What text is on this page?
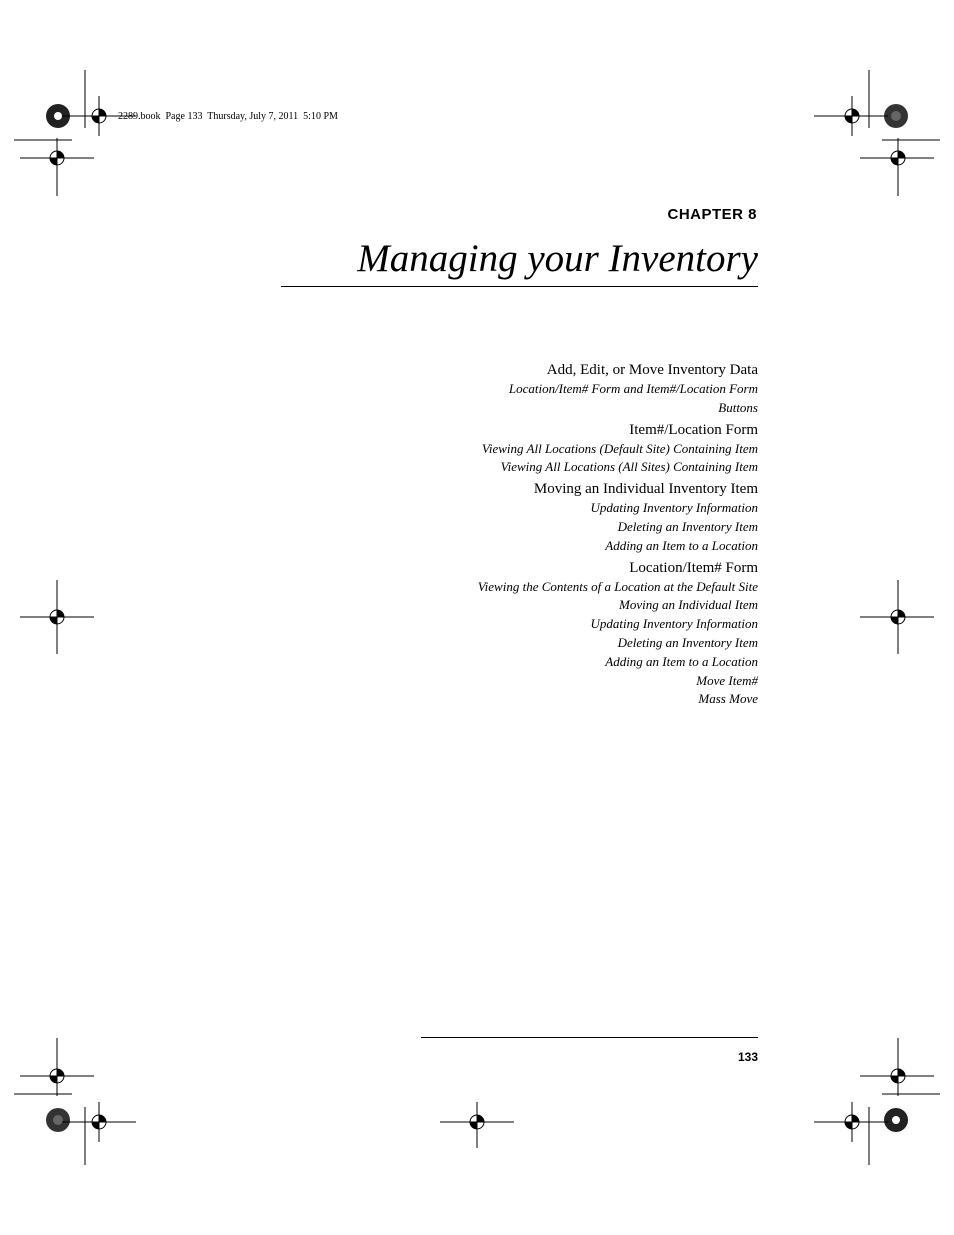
2289.book  Page 133  Thursday, July 7, 2011  5:10 PM
CHAPTER 8
Managing your Inventory
Add, Edit, or Move Inventory Data
Location/Item# Form and Item#/Location Form
Buttons
Item#/Location Form
Viewing All Locations (Default Site) Containing Item
Viewing All Locations (All Sites) Containing Item
Moving an Individual Inventory Item
Updating Inventory Information
Deleting an Inventory Item
Adding an Item to a Location
Location/Item# Form
Viewing the Contents of a Location at the Default Site
Moving an Individual Item
Updating Inventory Information
Deleting an Inventory Item
Adding an Item to a Location
Move Item#
Mass Move
133
